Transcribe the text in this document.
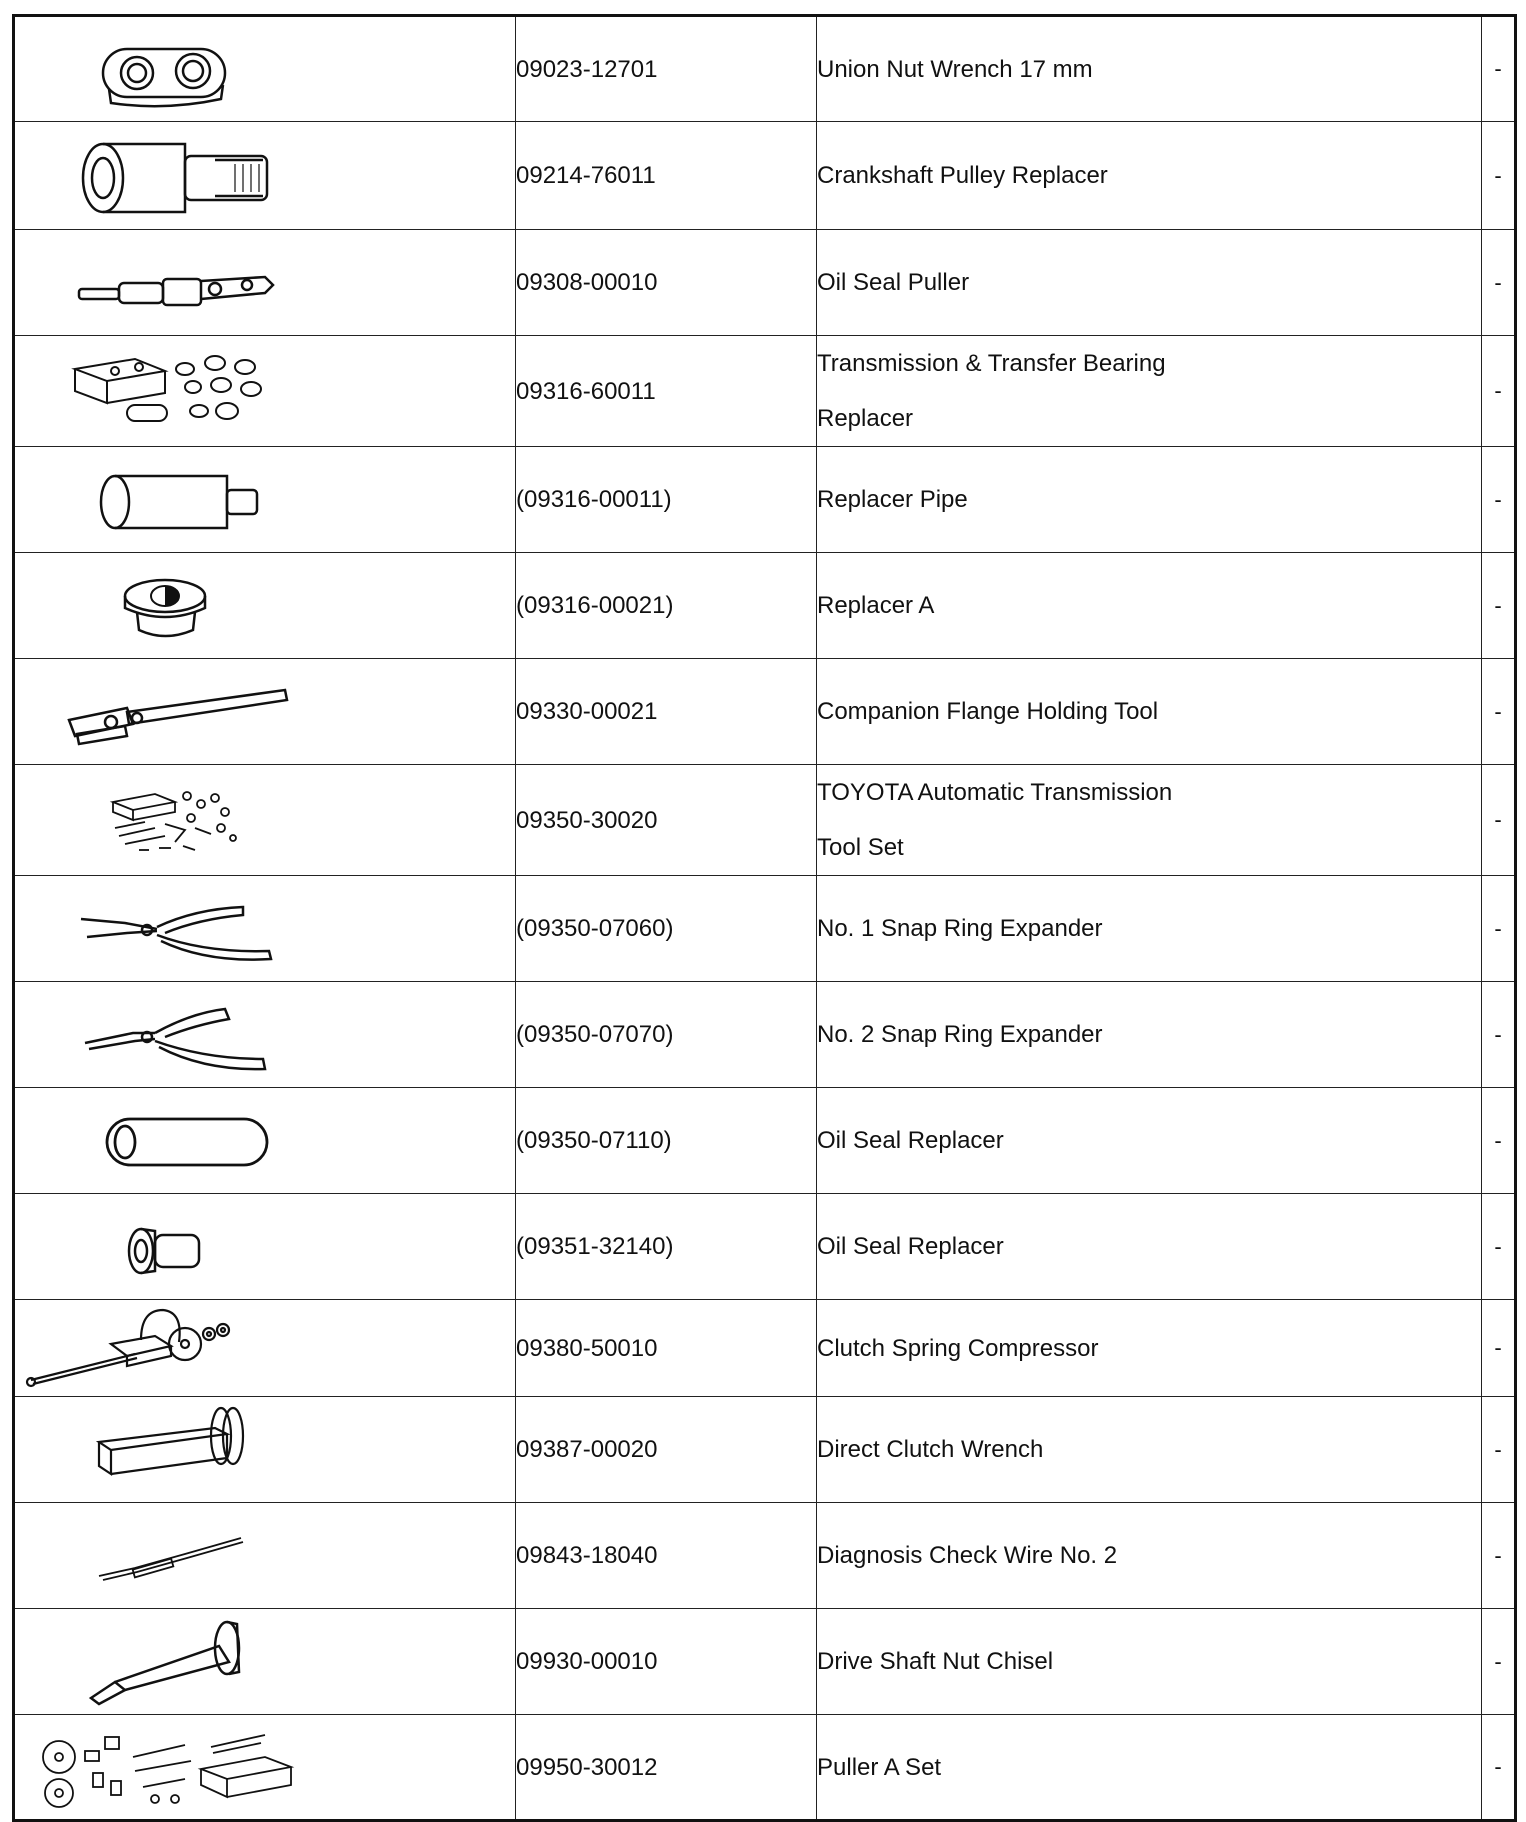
	09023-12701	Union Nut Wrench 17 mm	-

	09214-76011	Crankshaft Pulley Replacer	-

	09308-00010	Oil Seal Puller	-

	09316-60011	Transmission & Transfer Bearing
Replacer	-

	(09316-00011)	Replacer Pipe	-

	(09316-00021)	Replacer A	-

	09330-00021	Companion Flange Holding Tool	-

	09350-30020	TOYOTA Automatic Transmission
Tool Set	-

	(09350-07060)	No. 1 Snap Ring Expander	-

	(09350-07070)	No. 2 Snap Ring Expander	-

	(09350-07110)	Oil Seal Replacer	-

	(09351-32140)	Oil Seal Replacer	-

	09380-50010	Clutch Spring Compressor	-

	09387-00020	Direct Clutch Wrench	-

	09843-18040	Diagnosis Check Wire No. 2	-

	09930-00010	Drive Shaft Nut Chisel	-

	09950-30012	Puller A Set	-
